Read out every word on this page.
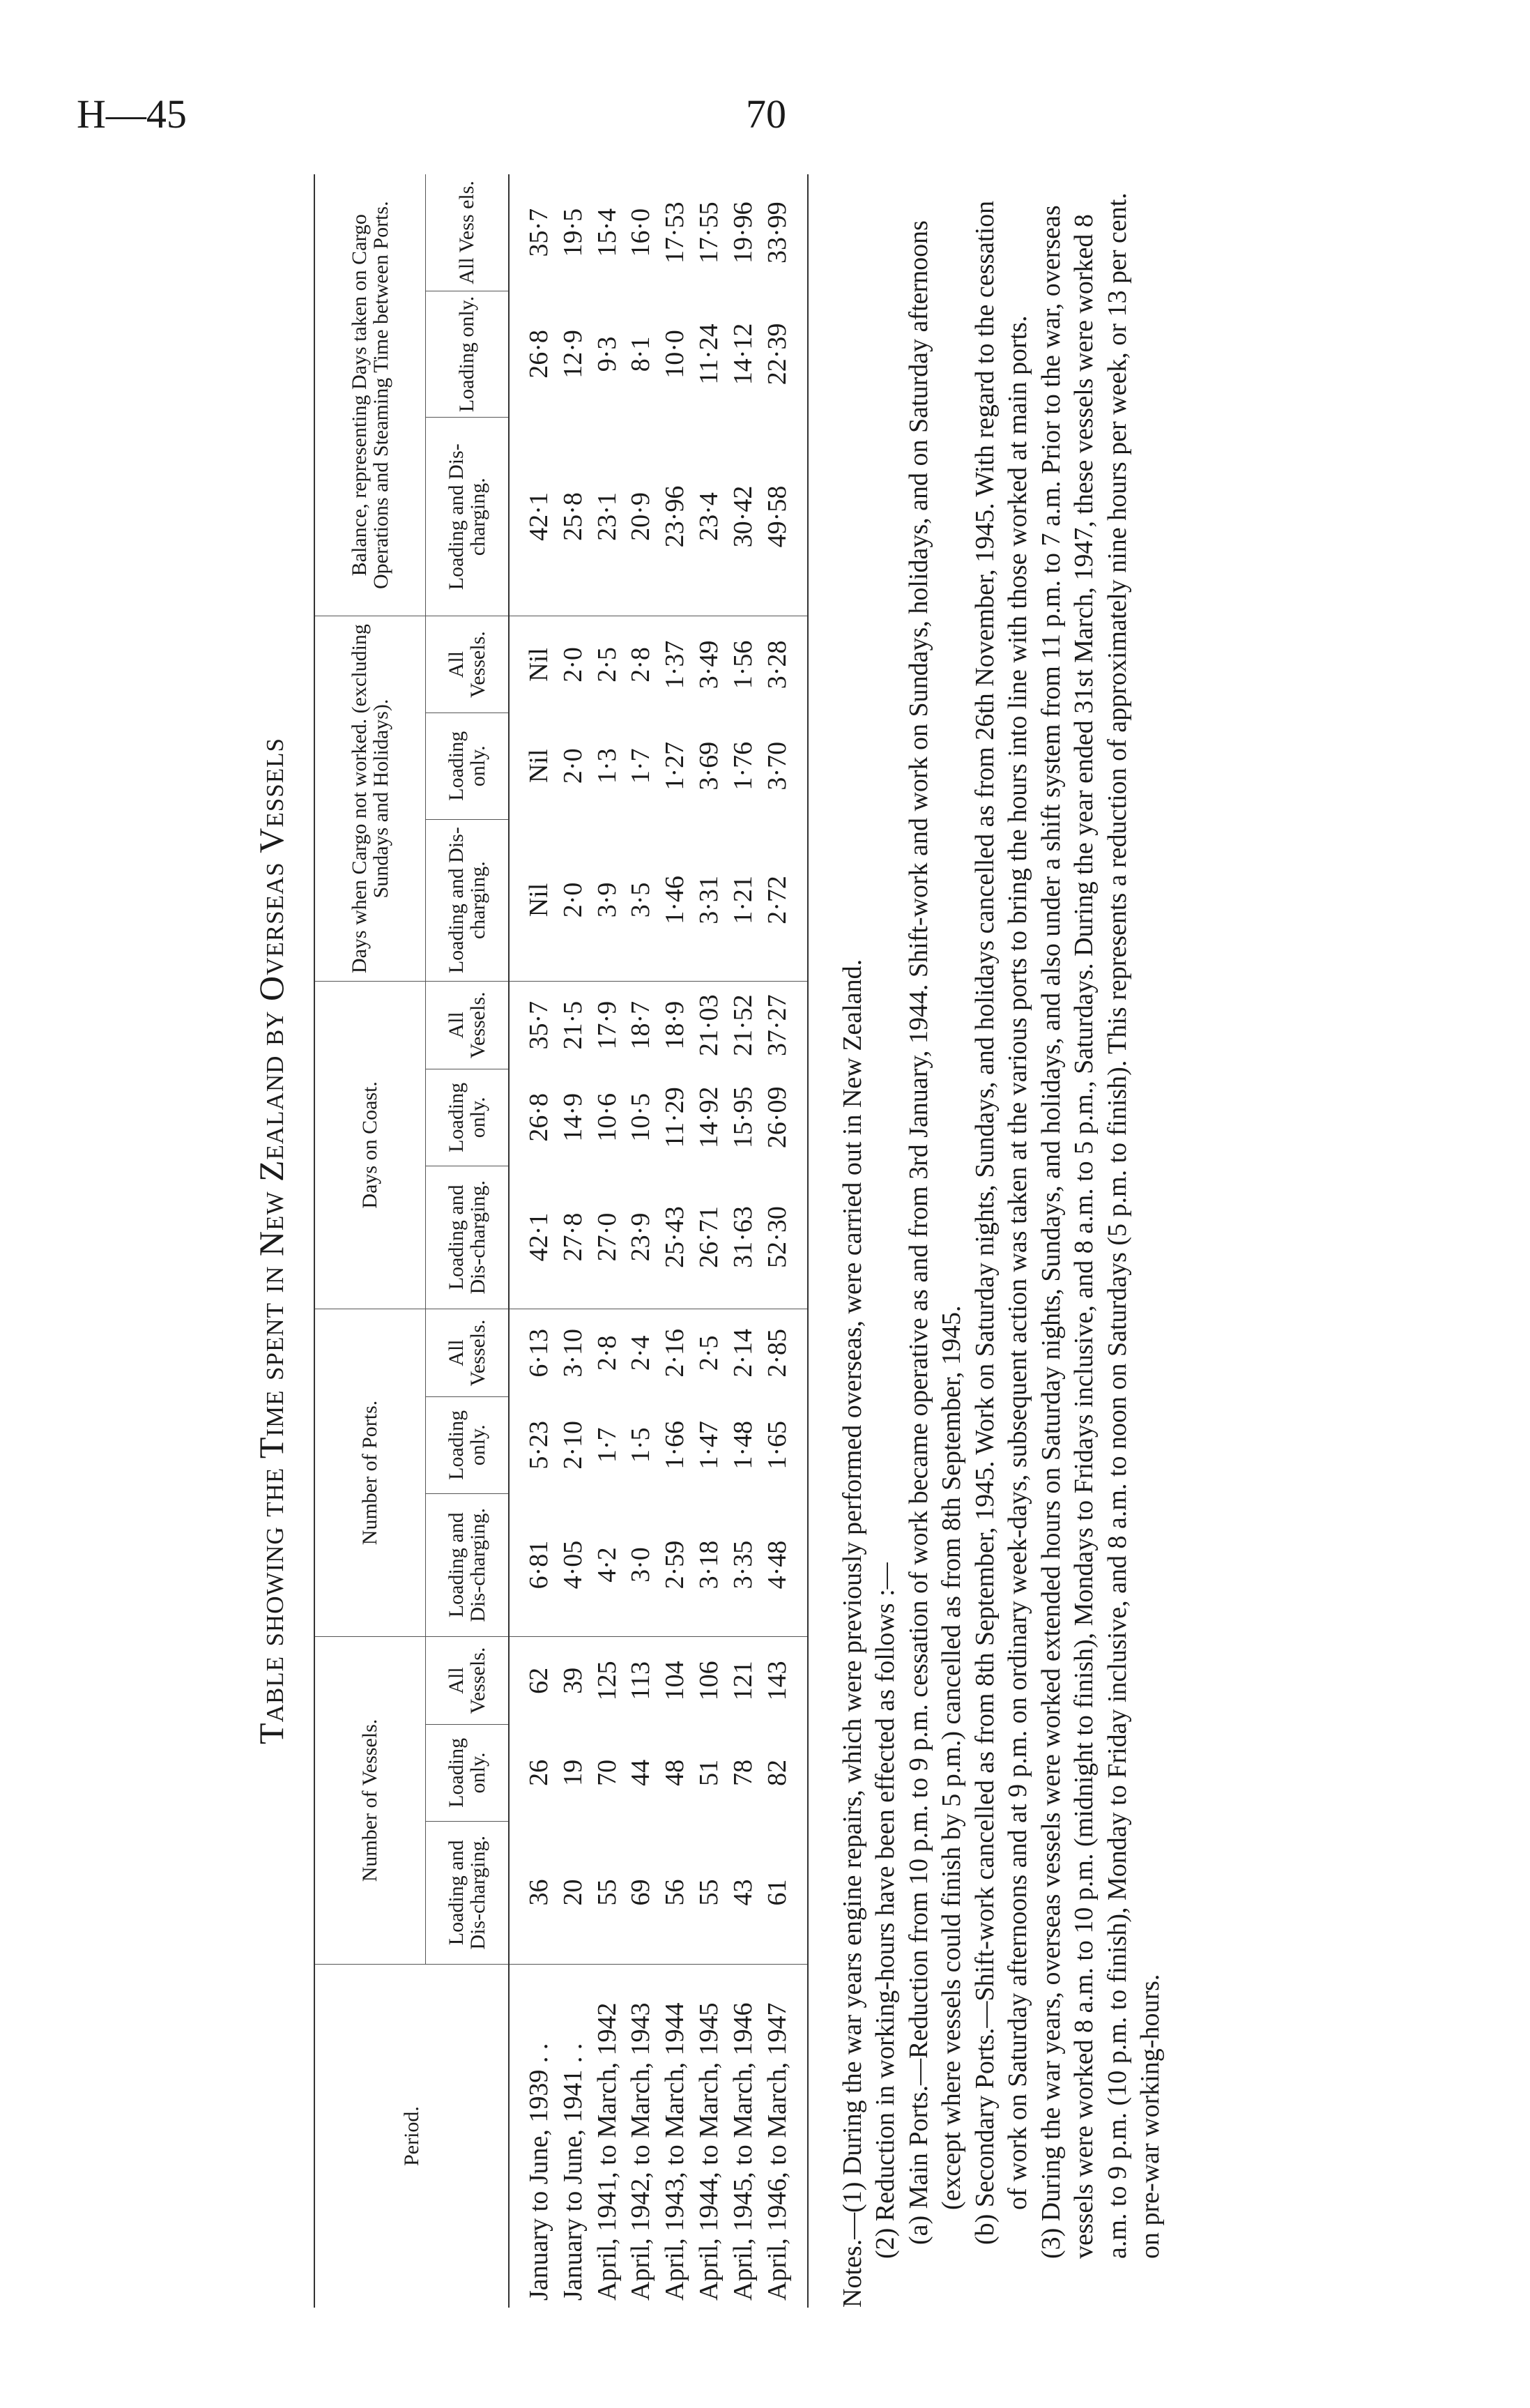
H—45	70
Table showing the Time spent in New Zealand by Overseas Vessels
Period.	Number of Vessels.			Number of Ports.			Days on Coast.			Days when Cargo not worked. (excluding Sundays and Holidays).			Balance, representing Days taken on Cargo Operations and Steaming Time between Ports.		
	Loading and Dis-charging.	Loading only.	All Vessels.	Loading and Dis-charging.	Loading only.	All Vessels.	Loading and Dis-charging.	Loading only.	All Vessels.	Loading and Dis-charging.	Loading only.	All Vessels.	Loading and Dis-charging.	Loading only.	All Vess els.
January to June, 1939 . .	36	26	62	6·81	5·23	6·13	42·1	26·8	35·7	Nil	Nil	Nil	42·1	26·8	35·7
January to June, 1941 . .	20	19	39	4·05	2·10	3·10	27·8	14·9	21·5	2·0	2·0	2·0	25·8	12·9	19·5
April, 1941, to March, 1942	55	70	125	4·2	1·7	2·8	27·0	10·6	17·9	3·9	1·3	2·5	23·1	9·3	15·4
April, 1942, to March, 1943	69	44	113	3·0	1·5	2·4	23·9	10·5	18·7	3·5	1·7	2·8	20·9	8·1	16·0
April, 1943, to March, 1944	56	48	104	2·59	1·66	2·16	25·43	11·29	18·9	1·46	1·27	1·37	23·96	10·0	17·53
April, 1944, to March, 1945	55	51	106	3·18	1·47	2·5	26·71	14·92	21·03	3·31	3·69	3·49	23·4	11·24	17·55
April, 1945, to March, 1946	43	78	121	3·35	1·48	2·14	31·63	15·95	21·52	1·21	1·76	1·56	30·42	14·12	19·96
April, 1946, to March, 1947	61	82	143	4·48	1·65	2·85	52·30	26·09	37·27	2·72	3·70	3·28	49·58	22·39	33·99

Notes.—(1) During the war years engine repairs, which were previously performed overseas, were carried out in New Zealand. (2) Reduction in working-hours have been effected as follows :— (a) Main Ports.—Reduction from 10 p.m. to 9 p.m. cessation of work became operative as and from 3rd January, 1944. Shift-work and work on Sundays, holidays, and on Saturday afternoons (except where vessels could finish by 5 p.m.) cancelled as from 8th September, 1945. (b) Secondary Ports.—Shift-work cancelled as from 8th September, 1945. Work on Saturday nights, Sundays, and holidays cancelled as from 26th November, 1945. With regard to the cessation of work on Saturday afternoons and at 9 p.m. on ordinary week-days, subsequent action was taken at the various ports to bring the hours into line with those worked at main ports. (3) During the war years, overseas vessels were worked extended hours on Saturday nights, Sundays, and holidays, and also under a shift system from 11 p.m. to 7 a.m. Prior to the war, overseas vessels were worked 8 a.m. to 10 p.m. (midnight to finish), Mondays to Fridays inclusive, and 8 a.m. to 5 p.m., Saturdays. During the year ended 31st March, 1947, these vessels were worked 8 a.m. to 9 p.m. (10 p.m. to finish), Monday to Friday inclusive, and 8 a.m. to noon on Saturdays (5 p.m. to finish). This represents a reduction of approximately nine hours per week, or 13 per cent. on pre-war working-hours.
